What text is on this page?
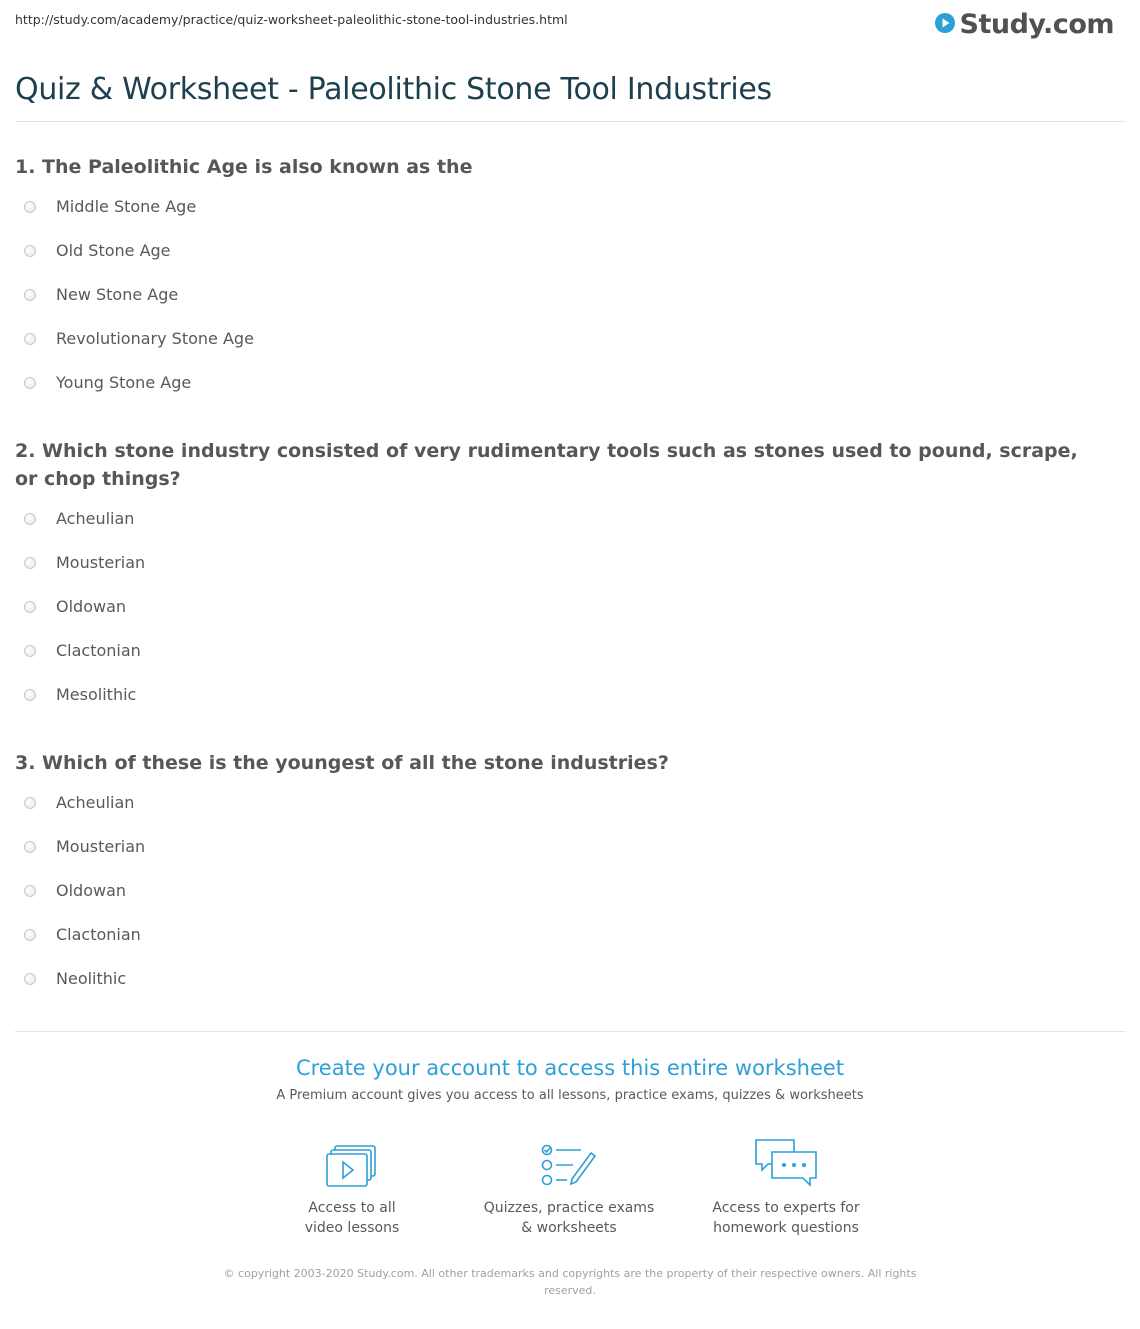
http://study.com/academy/practice/quiz-worksheet-paleolithic-stone-tool-industries.html	Study.com
Quiz & Worksheet - Paleolithic Stone Tool Industries

1. The Paleolithic Age is also known as the

Middle Stone Age
Old Stone Age
New Stone Age
Revolutionary Stone Age
Young Stone Age

2. Which stone industry consisted of very rudimentary tools such as stones used to pound, scrape, or chop things?

Acheulian
Mousterian
Oldowan
Clactonian
Mesolithic

3. Which of these is the youngest of all the stone industries?

Acheulian
Mousterian
Oldowan
Clactonian
Neolithic

Create your account to access this entire worksheet

A Premium account gives you access to all lessons, practice exams, quizzes & worksheets

Access to all
video lessons
Quizzes, practice exams
& worksheets
Access to experts for
homework questions
© copyright 2003-2020 Study.com. All other trademarks and copyrights are the property of their respective owners. All rights
reserved.
